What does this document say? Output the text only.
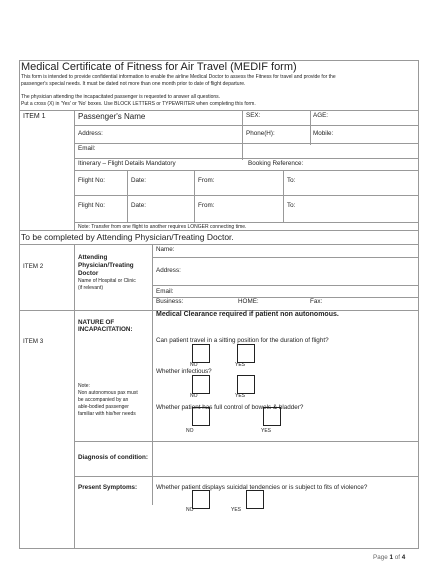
Medical Certificate of Fitness for Air Travel (MEDIF form)
This form is intended to provide confidential information to enable the airline Medical Doctor to assess the Fitness for travel and provide for the
passenger's special needs. It must be dated not more than one month prior to date of flight departure.
The physician attending the incapacitated passenger is requested to answer all questions.
Put a cross (X) in 'Yes' or 'No' boxes. Use BLOCK LETTERS or TYPEWRITER when completing this form.
ITEM 1	Passenger's Name	SEX:	AGE:
Address:	Phone(H):	Mobile:
Email:
Itinerary – Flight Details Mandatory	Booking Reference:
Flight No:	Date:	From:	To:
Flight No:	Date:	From:	To:
Note: Transfer from one flight to another requires LONGER connecting time.
To be completed by Attending Physician/Treating Doctor.
ITEM 2
Attending
Physician/Treating
Doctor
Name of Hospital or Clinic
(if relevant)
Name:
Address:
Email:
Business:	HOME:	Fax:
ITEM 3
NATURE OF
INCAPACITATION:
Note:
Non autonomous pax must
be accompanied by an
able-bodied passenger
familiar with his/her needs
Medical Clearance required if patient non autonomous.
Can patient travel in a sitting position for the duration of flight?
NO	YES
Whether infectious?
NO	YES
Whether patient has full control of bowels & bladder?
NO	YES
Diagnosis of condition:
Present Symptoms:	Whether patient displays suicidal tendencies or is subject to fits of violence?
NO	YES
Page 1 of 4
